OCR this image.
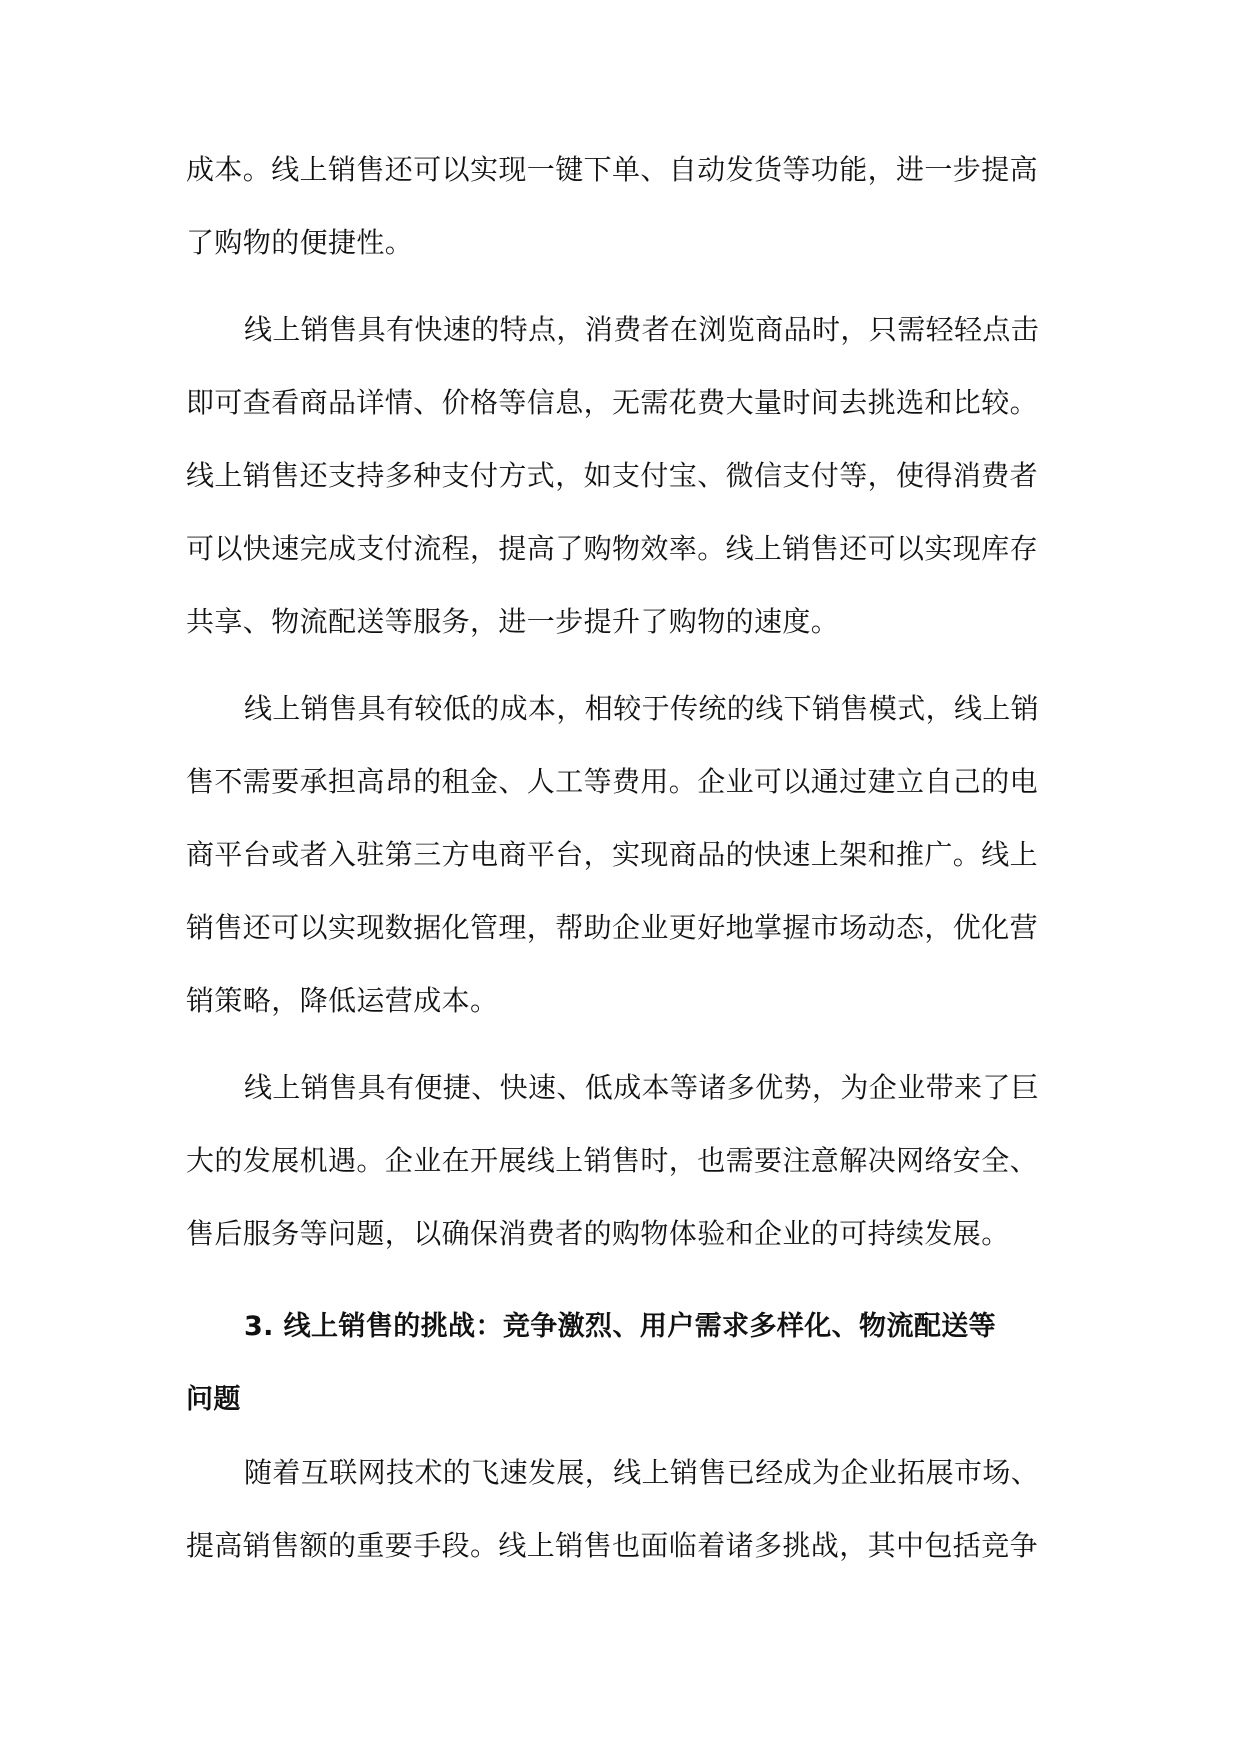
成本。线上销售还可以实现一键下单、自动发货等功能，进一步提高
了购物的便捷性。
线上销售具有快速的特点，消费者在浏览商品时，只需轻轻点击
即可查看商品详情、价格等信息，无需花费大量时间去挑选和比较。
线上销售还支持多种支付方式，如支付宝、微信支付等，使得消费者
可以快速完成支付流程，提高了购物效率。线上销售还可以实现库存
共享、物流配送等服务，进一步提升了购物的速度。
线上销售具有较低的成本，相较于传统的线下销售模式，线上销
售不需要承担高昂的租金、人工等费用。企业可以通过建立自己的电
商平台或者入驻第三方电商平台，实现商品的快速上架和推广。线上
销售还可以实现数据化管理，帮助企业更好地掌握市场动态，优化营
销策略，降低运营成本。
线上销售具有便捷、快速、低成本等诸多优势，为企业带来了巨
大的发展机遇。企业在开展线上销售时，也需要注意解决网络安全、
售后服务等问题，以确保消费者的购物体验和企业的可持续发展。
3. 线上销售的挑战：竞争激烈、用户需求多样化、物流配送等
问题
随着互联网技术的飞速发展，线上销售已经成为企业拓展市场、
提高销售额的重要手段。线上销售也面临着诸多挑战，其中包括竞争
